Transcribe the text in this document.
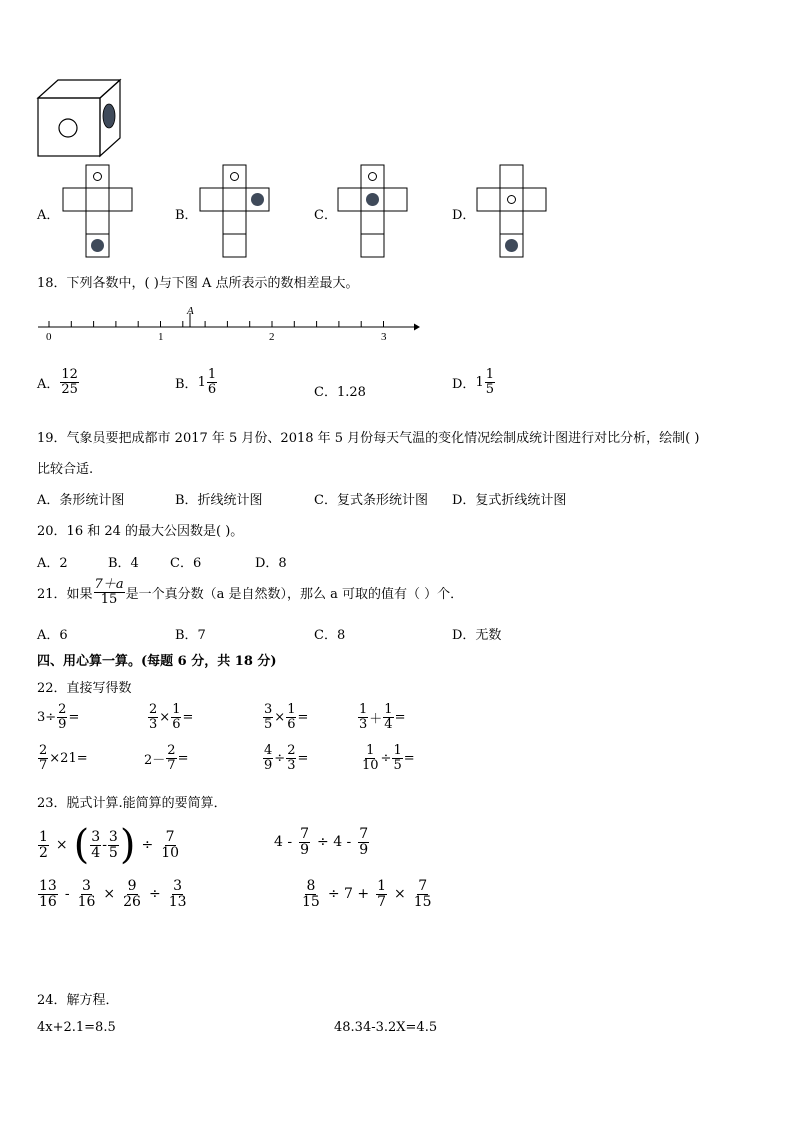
A．	B．	C．	D．
18．下列各数中，( )与下图 A 点所表示的数相差最大。
A
0	1	2	3
A． $\frac{12}{25}$	B． $1 \frac{1}{6}$	C．1.28
D． $1 \frac{1}{5}$
19．气象员要把成都市 2017 年 5 月份、2018 年 5 月份每天气温的变化情况绘制成统计图进行对比分析，绘制( )
比较合适.
A．条形统计图	B．折线统计图	C．复式条形统计图 D．复式折线统计图
20．16 和 24 的最大公因数是( )。
A．2	B．4 C．6	D．8
21．如果 $\frac{7+a}{15}$ 是一个真分数（a 是自然数），那么 a 可取的值有（ ）个．
A．6	B．7	C．8	D．无数
四、用心算一算。(每题 6 分，共 18 分)
22．直接写得数
$3\div \frac{2}{9}$ =	$\frac{2}{3} \times \frac{1}{6}$ =	$\frac{3}{5} \times \frac{1}{6}$ =	$\frac{1}{3} + \frac{1}{4}$ =
$\frac{2}{7} \times 21=$	$2- \frac{2}{7}$ =	$\frac{4}{9} \div \frac{2}{3}$ =	$\frac{1}{10} \div \frac{1}{5}$ =
23．脱式计算.能简算的要简算．
$\frac{1}{2}$ × ( $\frac{3}{4} - \frac{3}{5}$ ) ÷ $\frac{7}{10}$	$4 - \frac{7}{9} \div 4 - \frac{7}{9}$
$\frac{13}{16} - \frac{3}{16} \times \frac{9}{26} \div \frac{3}{13}$	$\frac{8}{15} \div 7 + \frac{1}{7} \times \frac{7}{15}$
24．解方程．
4x+2.1=8.5	48.34-3.2X=4.5
